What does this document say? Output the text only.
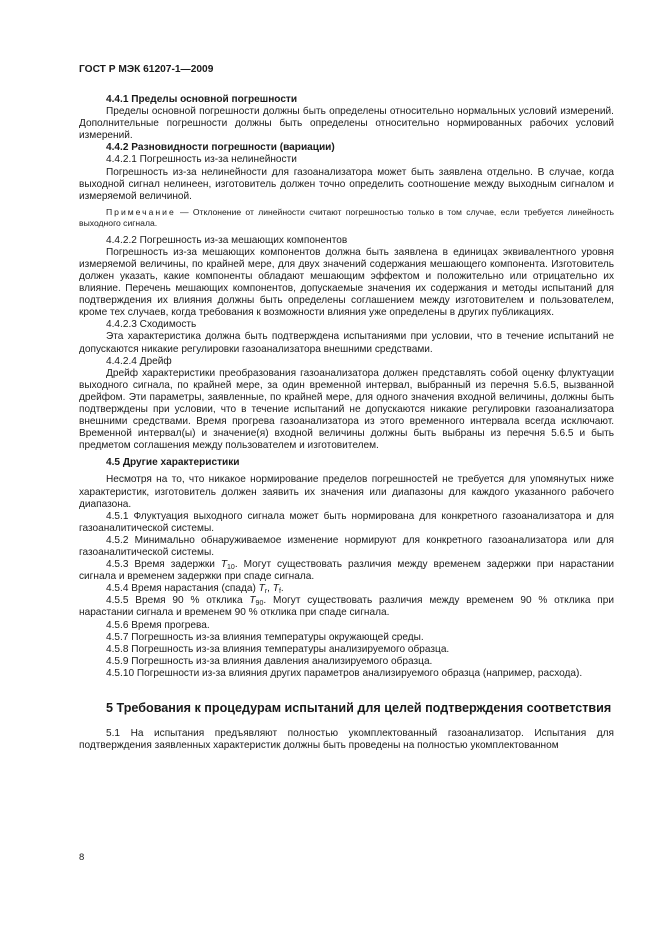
ГОСТ Р МЭК 61207-1—2009

4.4.1 Пределы основной погрешности

Пределы основной погрешности должны быть определены относительно нормальных условий измерений. Дополнительные погрешности должны быть определены относительно нормированных рабочих условий измерений.

4.4.2 Разновидности погрешности (вариации)

4.4.2.1 Погрешность из-за нелинейности

Погрешность из-за нелинейности для газоанализатора может быть заявлена отдельно. В случае, когда выходной сигнал нелинеен, изготовитель должен точно определить соотношение между выходным сигналом и измеряемой величиной.

Примечание — Отклонение от линейности считают погрешностью только в том случае, если требуется линейность выходного сигнала.

4.4.2.2 Погрешность из-за мешающих компонентов

Погрешность из-за мешающих компонентов должна быть заявлена в единицах эквивалентного уровня измеряемой величины, по крайней мере, для двух значений содержания мешающего компонента. Изготовитель должен указать, какие компоненты обладают мешающим эффектом и положительно или отрицательно их влияние. Перечень мешающих компонентов, допускаемые значения их содержания и методы испытаний для подтверждения их влияния должны быть определены соглашением между изготовителем и пользователем, кроме тех случаев, когда требования к возможности влияния уже определены в других публикациях.

4.4.2.3 Сходимость

Эта характеристика должна быть подтверждена испытаниями при условии, что в течение испытаний не допускаются никакие регулировки газоанализатора внешними средствами.

4.4.2.4 Дрейф

Дрейф характеристики преобразования газоанализатора должен представлять собой оценку флуктуации выходного сигнала, по крайней мере, за один временной интервал, выбранный из перечня 5.6.5, вызванной дрейфом. Эти параметры, заявленные, по крайней мере, для одного значения входной величины, должны быть подтверждены при условии, что в течение испытаний не допускаются никакие регулировки газоанализатора внешними средствами. Время прогрева газоанализатора из этого временного интервала всегда исключают. Временной интервал(ы) и значение(я) входной величины должны быть выбраны из перечня 5.6.5 и быть предметом соглашения между пользователем и изготовителем.

4.5 Другие характеристики

Несмотря на то, что никакое нормирование пределов погрешностей не требуется для упомянутых ниже характеристик, изготовитель должен заявить их значения или диапазоны для каждого указанного рабочего диапазона.

4.5.1 Флуктуация выходного сигнала может быть нормирована для конкретного газоанализатора и для газоаналитической системы.

4.5.2 Минимально обнаруживаемое изменение нормируют для конкретного газоанализатора или для газоаналитической системы.

4.5.3 Время задержки $T_{10}$. Могут существовать различия между временем задержки при нарастании сигнала и временем задержки при спаде сигнала.

4.5.4 Время нарастания (спада) $T_r$, $T_f$.

4.5.5 Время 90 % отклика $T_{90}$. Могут существовать различия между временем 90 % отклика при нарастании сигнала и временем 90 % отклика при спаде сигнала.

4.5.6 Время прогрева.

4.5.7 Погрешность из-за влияния температуры окружающей среды.

4.5.8 Погрешность из-за влияния температуры анализируемого образца.

4.5.9 Погрешность из-за влияния давления анализируемого образца.

4.5.10 Погрешности из-за влияния других параметров анализируемого образца (например, расхода).

5 Требования к процедурам испытаний для целей подтверждения соответствия

5.1 На испытания предъявляют полностью укомплектованный газоанализатор. Испытания для подтверждения заявленных характеристик должны быть проведены на полностью укомплектованном

8
